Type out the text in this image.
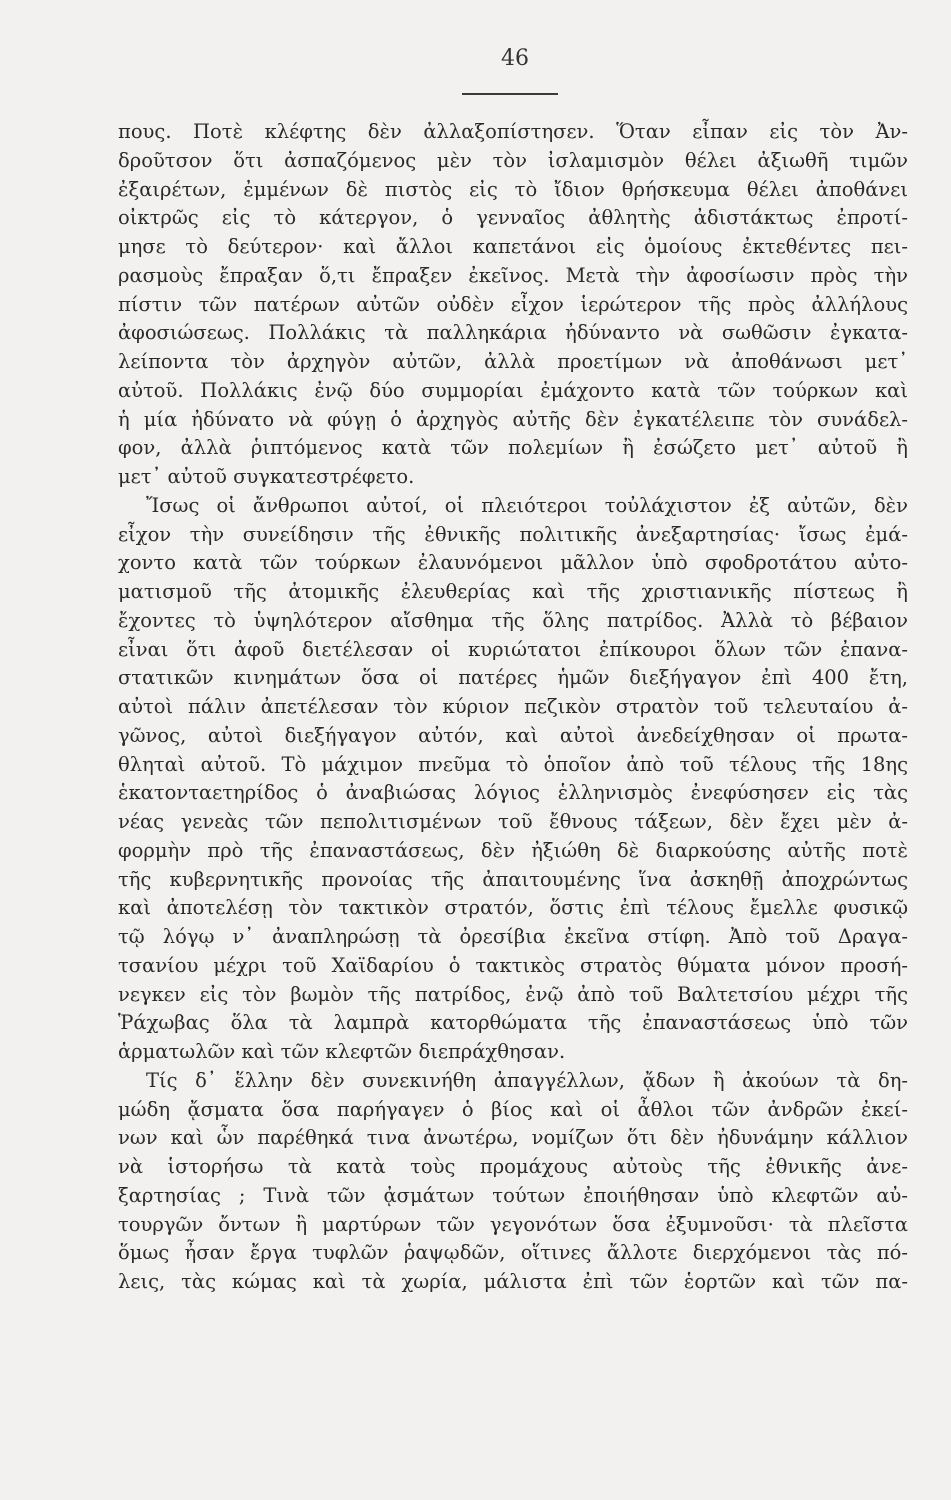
46
πους. Ποτὲ κλέφτης δὲν ἀλλαξοπίστησεν. Ὅταν εἶπαν εἰς τὸν Ἀν-
δροῦτσον ὅτι ἀσπαζόμενος μὲν τὸν ἰσλαμισμὸν θέλει ἀξιωθῆ τιμῶν
ἐξαιρέτων, ἐμμένων δὲ πιστὸς εἰς τὸ ἴδιον θρήσκευμα θέλει ἀποθάνει
οἰκτρῶς εἰς τὸ κάτεργον, ὁ γενναῖος ἀθλητὴς ἀδιστάκτως ἐπροτί-
μησε τὸ δεύτερον· καὶ ἄλλοι καπετάνοι εἰς ὁμοίους ἐκτεθέντες πει-
ρασμοὺς ἔπραξαν ὅ,τι ἔπραξεν ἐκεῖνος. Μετὰ τὴν ἀφοσίωσιν πρὸς τὴν
πίστιν τῶν πατέρων αὐτῶν οὐδὲν εἶχον ἱερώτερον τῆς πρὸς ἀλλήλους
ἀφοσιώσεως. Πολλάκις τὰ παλληκάρια ἠδύναντο νὰ σωθῶσιν ἐγκατα-
λείποντα τὸν ἀρχηγὸν αὐτῶν, ἀλλὰ προετίμων νὰ ἀποθάνωσι μετ᾽
αὐτοῦ. Πολλάκις ἐνῷ δύο συμμορίαι ἐμάχοντο κατὰ τῶν τούρκων καὶ
ἡ μία ἠδύνατο νὰ φύγῃ ὁ ἀρχηγὸς αὐτῆς δὲν ἐγκατέλειπε τὸν συνάδελ-
φον, ἀλλὰ ῥιπτόμενος κατὰ τῶν πολεμίων ἢ ἐσώζετο μετ᾽ αὐτοῦ ἢ
μετ᾽ αὐτοῦ συγκατεστρέφετο.
Ἴσως οἱ ἄνθρωποι αὐτοί, οἱ πλειότεροι τοὐλάχιστον ἐξ αὐτῶν, δὲν
εἶχον τὴν συνείδησιν τῆς ἐθνικῆς πολιτικῆς ἀνεξαρτησίας· ἴσως ἐμά-
χοντο κατὰ τῶν τούρκων ἐλαυνόμενοι μᾶλλον ὑπὸ σφοδροτάτου αὐτο-
ματισμοῦ τῆς ἀτομικῆς ἐλευθερίας καὶ τῆς χριστιανικῆς πίστεως ἢ
ἔχοντες τὸ ὑψηλότερον αἴσθημα τῆς ὅλης πατρίδος. Ἀλλὰ τὸ βέβαιον
εἶναι ὅτι ἀφοῦ διετέλεσαν οἱ κυριώτατοι ἐπίκουροι ὅλων τῶν ἐπανα-
στατικῶν κινημάτων ὅσα οἱ πατέρες ἡμῶν διεξήγαγον ἐπὶ 400 ἔτη,
αὐτοὶ πάλιν ἀπετέλεσαν τὸν κύριον πεζικὸν στρατὸν τοῦ τελευταίου ἀ-
γῶνος, αὐτοὶ διεξήγαγον αὐτόν, καὶ αὐτοὶ ἀνεδείχθησαν οἱ πρωτα-
θληταὶ αὐτοῦ. Τὸ μάχιμον πνεῦμα τὸ ὁποῖον ἀπὸ τοῦ τέλους τῆς 18ης
ἑκατονταετηρίδος ὁ ἀναβιώσας λόγιος ἑλληνισμὸς ἐνεφύσησεν εἰς τὰς
νέας γενεὰς τῶν πεπολιτισμένων τοῦ ἔθνους τάξεων, δὲν ἔχει μὲν ἀ-
φορμὴν πρὸ τῆς ἐπαναστάσεως, δὲν ἠξιώθη δὲ διαρκούσης αὐτῆς ποτὲ
τῆς κυβερνητικῆς προνοίας τῆς ἀπαιτουμένης ἵνα ἀσκηθῇ ἀποχρώντως
καὶ ἀποτελέσῃ τὸν τακτικὸν στρατόν, ὅστις ἐπὶ τέλους ἔμελλε φυσικῷ
τῷ λόγῳ ν᾽ ἀναπληρώσῃ τὰ ὀρεσίβια ἐκεῖνα στίφη. Ἀπὸ τοῦ Δραγα-
τσανίου μέχρι τοῦ Χαϊδαρίου ὁ τακτικὸς στρατὸς θύματα μόνον προσή-
νεγκεν εἰς τὸν βωμὸν τῆς πατρίδος, ἐνῷ ἀπὸ τοῦ Βαλτετσίου μέχρι τῆς
Ῥάχωβας ὅλα τὰ λαμπρὰ κατορθώματα τῆς ἐπαναστάσεως ὑπὸ τῶν
ἁρματωλῶν καὶ τῶν κλεφτῶν διεπράχθησαν.
Τίς δ᾽ ἕλλην δὲν συνεκινήθη ἀπαγγέλλων, ᾄδων ἢ ἀκούων τὰ δη-
μώδη ᾄσματα ὅσα παρήγαγεν ὁ βίος καὶ οἱ ἆθλοι τῶν ἀνδρῶν ἐκεί-
νων καὶ ὧν παρέθηκά τινα ἀνωτέρω, νομίζων ὅτι δὲν ἠδυνάμην κάλλιον
νὰ ἱστορήσω τὰ κατὰ τοὺς προμάχους αὐτοὺς τῆς ἐθνικῆς ἀνε-
ξαρτησίας ; Τινὰ τῶν ᾀσμάτων τούτων ἐποιήθησαν ὑπὸ κλεφτῶν αὐ-
τουργῶν ὄντων ἢ μαρτύρων τῶν γεγονότων ὅσα ἐξυμνοῦσι· τὰ πλεῖστα
ὅμως ἦσαν ἔργα τυφλῶν ῥαψῳδῶν, οἵτινες ἄλλοτε διερχόμενοι τὰς πό-
λεις, τὰς κώμας καὶ τὰ χωρία, μάλιστα ἐπὶ τῶν ἑορτῶν καὶ τῶν πα-
